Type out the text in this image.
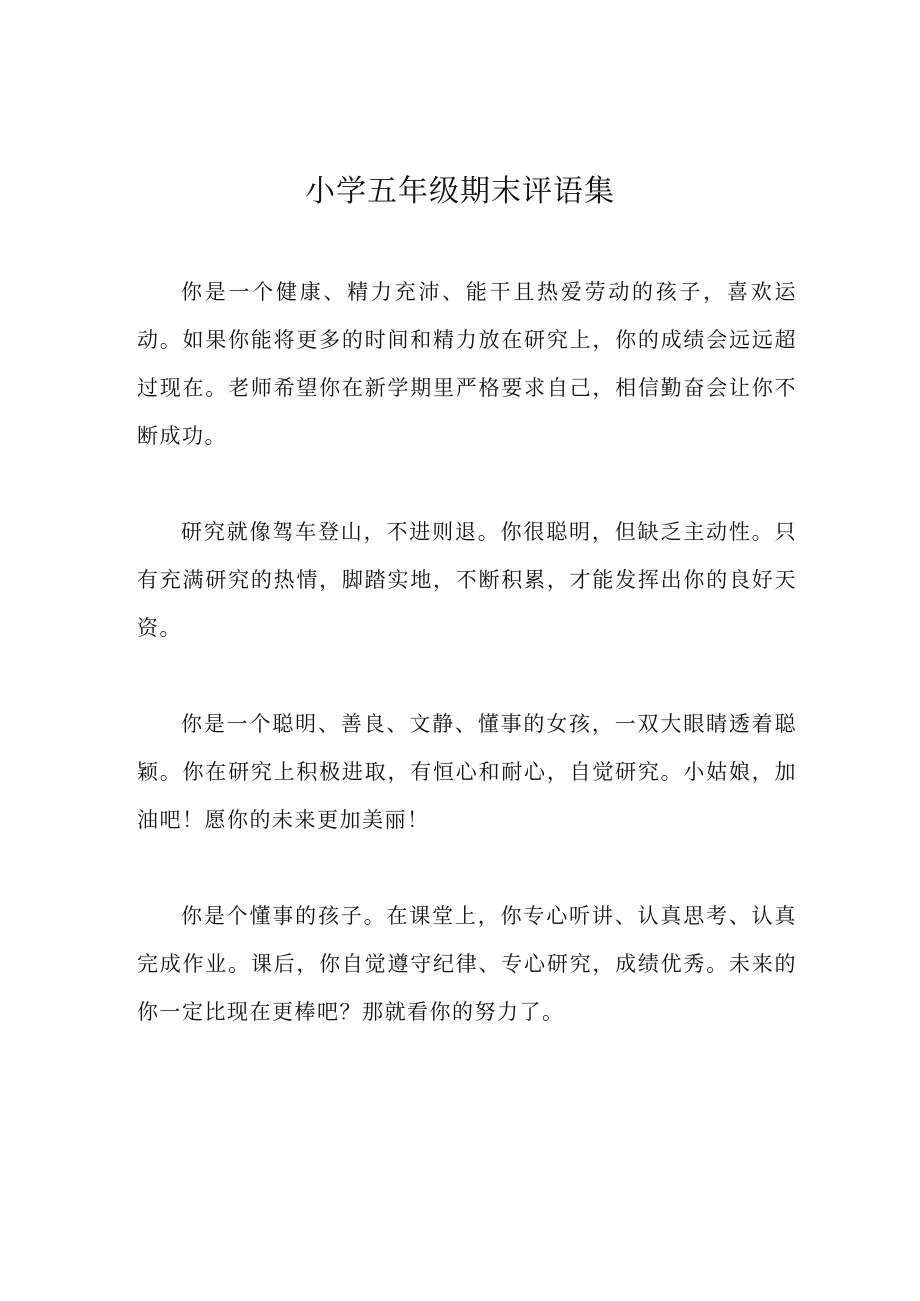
小学五年级期末评语集

你是一个健康、精力充沛、能干且热爱劳动的孩子，喜欢运动。如果你能将更多的时间和精力放在研究上，你的成绩会远远超过现在。老师希望你在新学期里严格要求自己，相信勤奋会让你不断成功。

研究就像驾车登山，不进则退。你很聪明，但缺乏主动性。只有充满研究的热情，脚踏实地，不断积累，才能发挥出你的良好天资。

你是一个聪明、善良、文静、懂事的女孩，一双大眼睛透着聪颖。你在研究上积极进取，有恒心和耐心，自觉研究。小姑娘，加油吧！愿你的未来更加美丽！

你是个懂事的孩子。在课堂上，你专心听讲、认真思考、认真完成作业。课后，你自觉遵守纪律、专心研究，成绩优秀。未来的你一定比现在更棒吧？那就看你的努力了。
